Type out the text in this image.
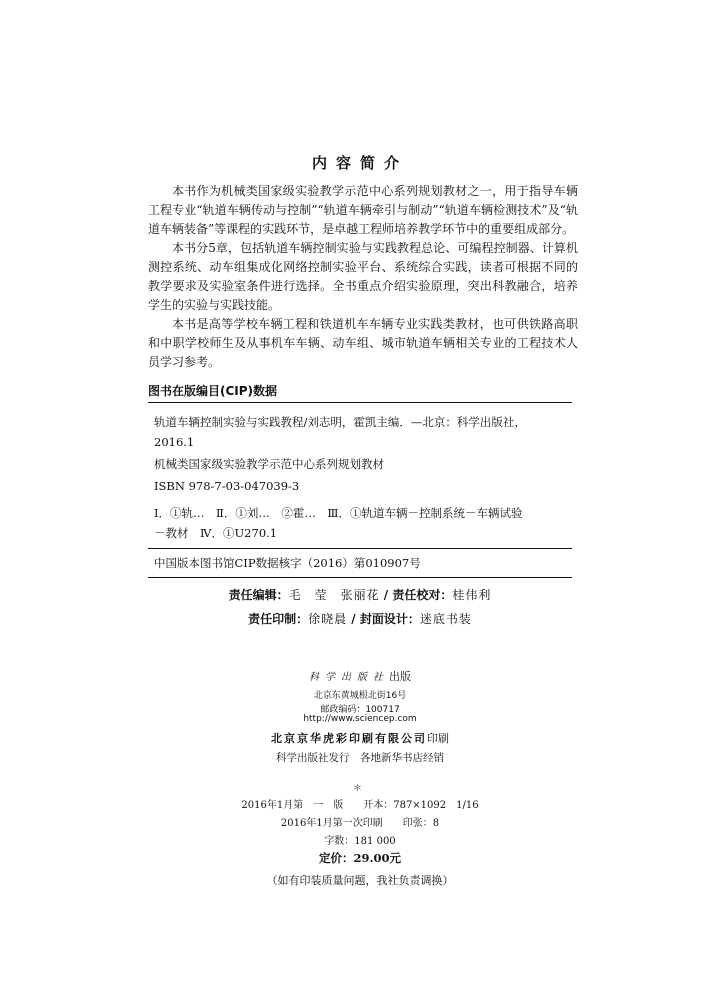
内容简介

本书作为机械类国家级实验教学示范中心系列规划教材之一，用于指导车辆工程专业“轨道车辆传动与控制”“轨道车辆牵引与制动”“轨道车辆检测技术”及“轨道车辆装备”等课程的实践环节，是卓越工程师培养教学环节中的重要组成部分。

本书分5章，包括轨道车辆控制实验与实践教程总论、可编程控制器、计算机测控系统、动车组集成化网络控制实验平台、系统综合实践，读者可根据不同的教学要求及实验室条件进行选择。全书重点介绍实验原理，突出科教融合，培养学生的实验与实践技能。

本书是高等学校车辆工程和铁道机车车辆专业实践类教材，也可供铁路高职和中职学校师生及从事机车车辆、动车组、城市轨道车辆相关专业的工程技术人员学习参考。

图书在版编目(CIP)数据
轨道车辆控制实验与实践教程/刘志明，霍凯主编．—北京：科学出版社，
2016.1
机械类国家级实验教学示范中心系列规划教材
ISBN 978-7-03-047039-3
Ⅰ．①轨…　Ⅱ．①刘…　②霍…　Ⅲ．①轨道车辆－控制系统－车辆试验
－教材　Ⅳ．①U270.1
中国版本图书馆CIP数据核字（2016）第010907号
责任编辑：毛　莹　张丽花 / 责任校对：桂伟利
责任印制：徐晓晨 / 封面设计：迷底书装
科学出版社出版
北京东黄城根北街16号
邮政编码：100717
http://www.sciencep.com
北京京华虎彩印刷有限公司印刷
科学出版社发行　各地新华书店经销
＊
2016年1月第　一　版　　开本：787×1092　1/16
2016年1月第一次印刷　　印张：8
字数：181 000
定价：29.00元
（如有印装质量问题，我社负责调换）
